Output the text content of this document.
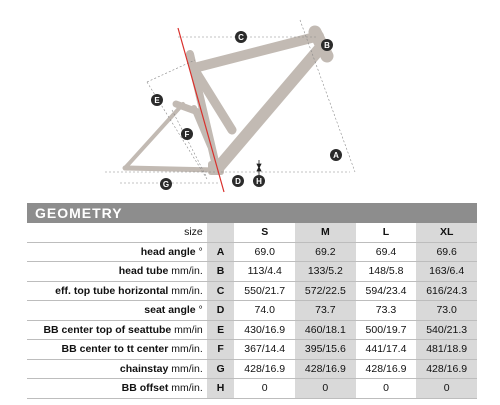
A
B
C
D
E
F
G	H
GEOMETRY
size		S	M	L	XL
head angle °	A	69.0	69.2	69.4	69.6
head tube mm/in.	B	113/4.4	133/5.2	148/5.8	163/6.4
eff. top tube horizontal mm/in.	C	550/21.7	572/22.5	594/23.4	616/24.3
seat angle °	D	74.0	73.7	73.3	73.0
BB center top of seattube mm/in	E	430/16.9	460/18.1	500/19.7	540/21.3
BB center to tt center mm/in.	F	367/14.4	395/15.6	441/17.4	481/18.9
chainstay mm/in.	G	428/16.9	428/16.9	428/16.9	428/16.9
BB offset mm/in.	H	0	0	0	0
